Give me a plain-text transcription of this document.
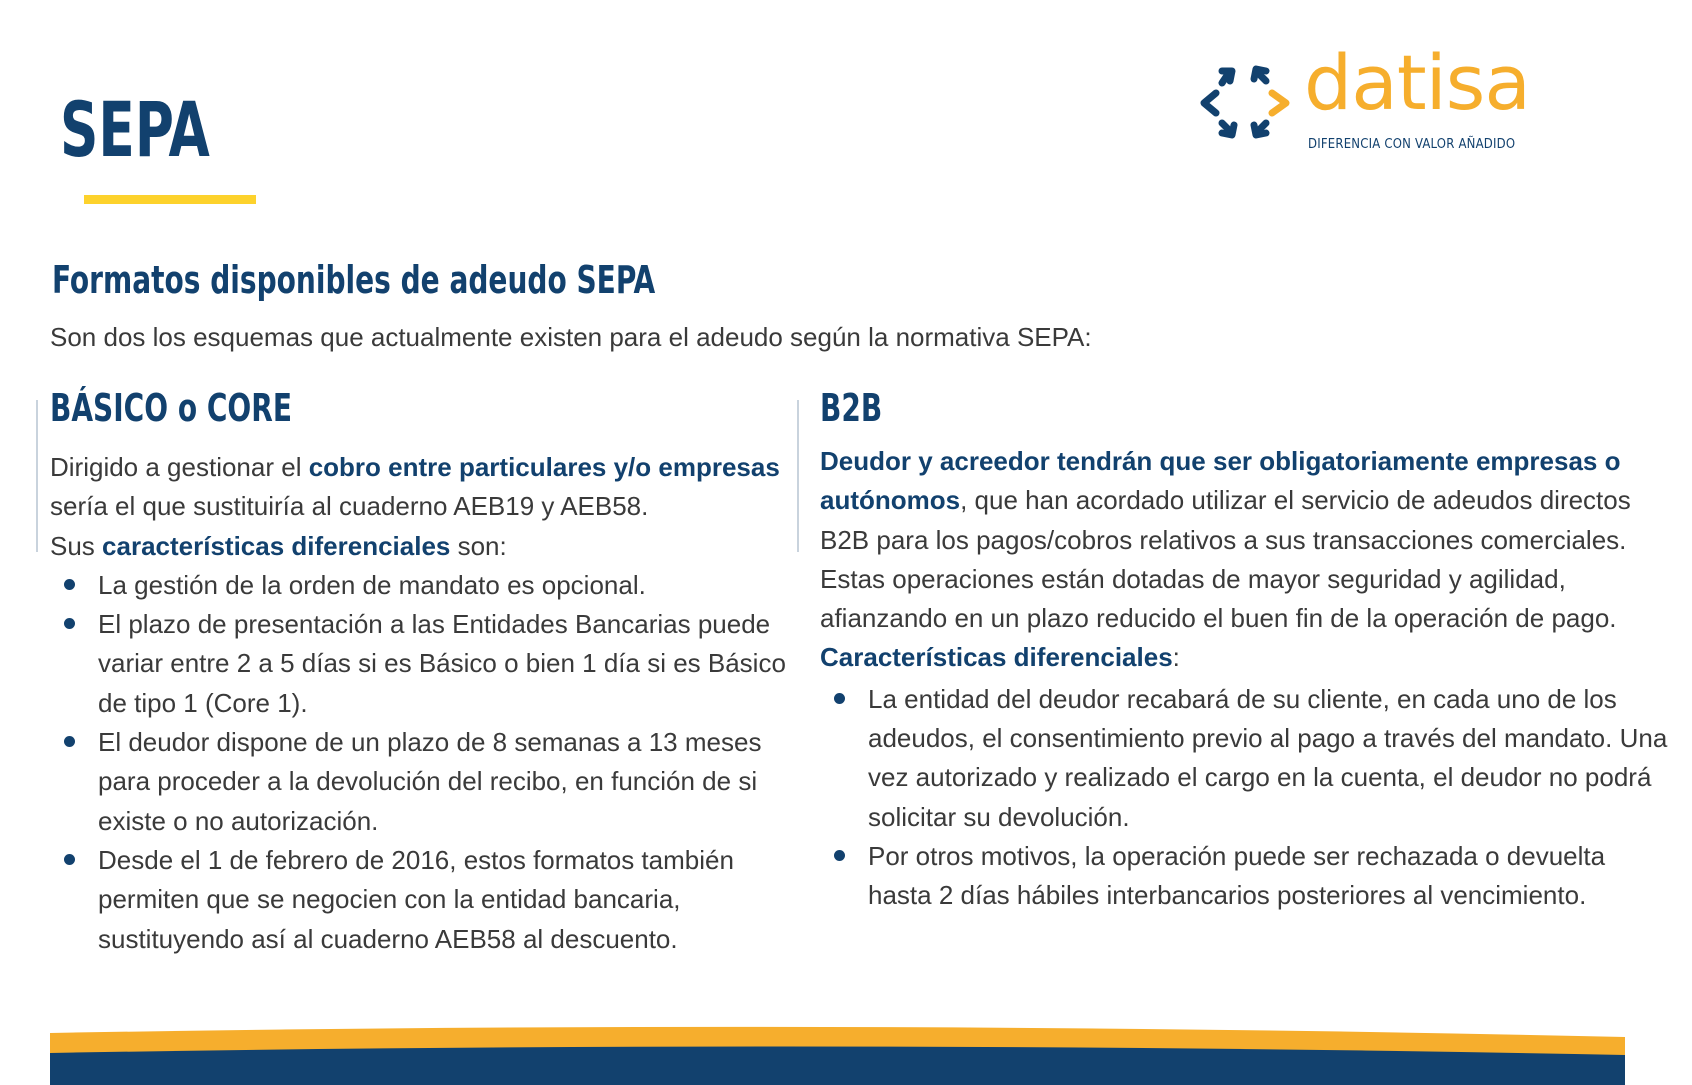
SEPA
datisa
DIFERENCIA CON VALOR AÑADIDO
Formatos disponibles de adeudo SEPA

Son dos los esquemas que actualmente existen para el adeudo según la normativa SEPA:

BÁSICO o CORE

Dirigido a gestionar el cobro entre particulares y/o empresas sería el que sustituiría al cuaderno AEB19 y AEB58.

Sus características diferenciales son:

La gestión de la orden de mandato es opcional.
El plazo de presentación a las Entidades Bancarias puede variar entre 2 a 5 días si es Básico o bien 1 día si es Básico de tipo 1 (Core 1).
El deudor dispone de un plazo de 8 semanas a 13 meses para proceder a la devolución del recibo, en función de si existe o no autorización.
Desde el 1 de febrero de 2016, estos formatos también permiten que se negocien con la entidad bancaria, sustituyendo así al cuaderno AEB58 al descuento.
B2B

Deudor y acreedor tendrán que ser obligatoriamente empresas o autónomos, que han acordado utilizar el servicio de adeudos directos B2B para los pagos/cobros relativos a sus transacciones comerciales. Estas operaciones están dotadas de mayor seguridad y agilidad, afianzando en un plazo reducido el buen fin de la operación de pago.

Características diferenciales:

La entidad del deudor recabará de su cliente, en cada uno de los adeudos, el consentimiento previo al pago a través del mandato. Una vez autorizado y realizado el cargo en la cuenta, el deudor no podrá solicitar su devolución.
Por otros motivos, la operación puede ser rechazada o devuelta hasta 2 días hábiles interbancarios posteriores al vencimiento.
